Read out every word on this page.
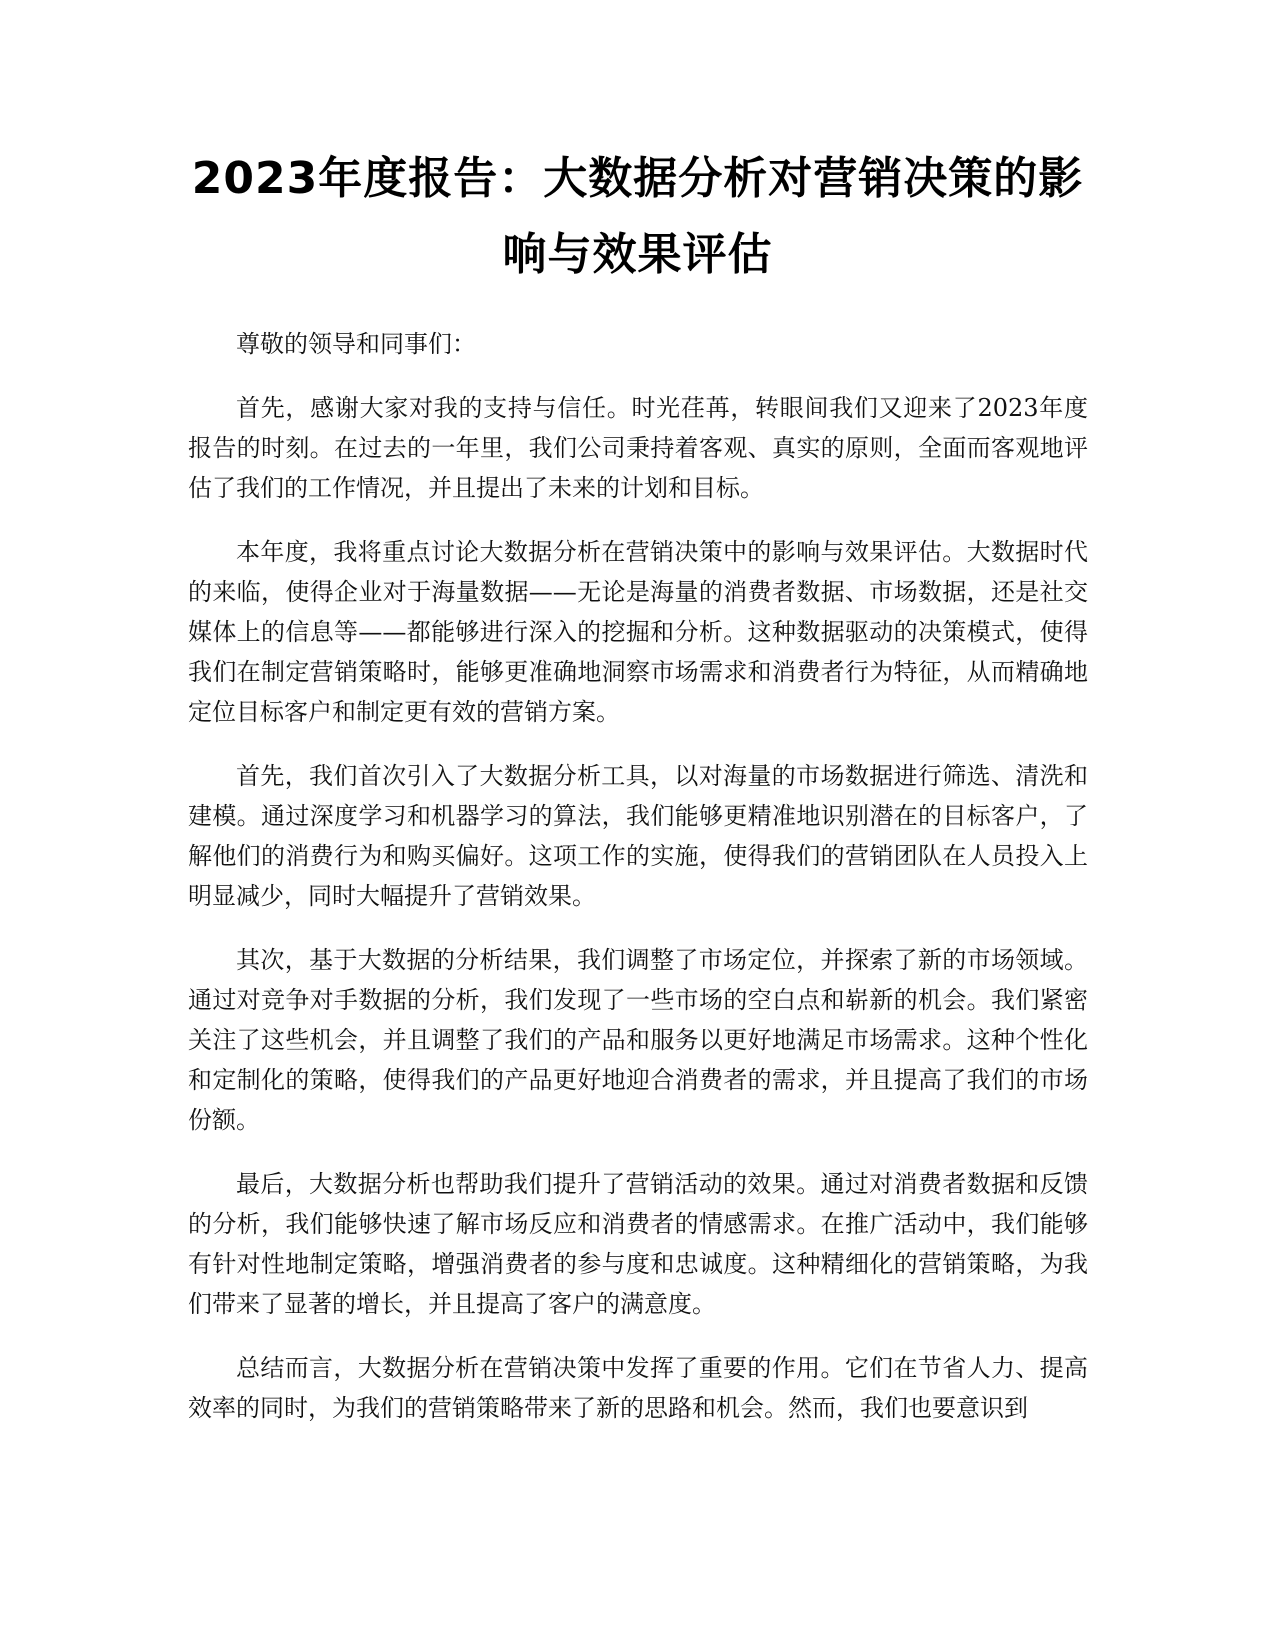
2023年度报告：大数据分析对营销决策的影响与效果评估

尊敬的领导和同事们：

首先，感谢大家对我的支持与信任。时光荏苒，转眼间我们又迎来了2023年度报告的时刻。在过去的一年里，我们公司秉持着客观、真实的原则，全面而客观地评估了我们的工作情况，并且提出了未来的计划和目标。

本年度，我将重点讨论大数据分析在营销决策中的影响与效果评估。大数据时代的来临，使得企业对于海量数据——无论是海量的消费者数据、市场数据，还是社交媒体上的信息等——都能够进行深入的挖掘和分析。这种数据驱动的决策模式，使得我们在制定营销策略时，能够更准确地洞察市场需求和消费者行为特征，从而精确地定位目标客户和制定更有效的营销方案。

首先，我们首次引入了大数据分析工具，以对海量的市场数据进行筛选、清洗和建模。通过深度学习和机器学习的算法，我们能够更精准地识别潜在的目标客户，了解他们的消费行为和购买偏好。这项工作的实施，使得我们的营销团队在人员投入上明显减少，同时大幅提升了营销效果。

其次，基于大数据的分析结果，我们调整了市场定位，并探索了新的市场领域。通过对竞争对手数据的分析，我们发现了一些市场的空白点和崭新的机会。我们紧密关注了这些机会，并且调整了我们的产品和服务以更好地满足市场需求。这种个性化和定制化的策略，使得我们的产品更好地迎合消费者的需求，并且提高了我们的市场份额。

最后，大数据分析也帮助我们提升了营销活动的效果。通过对消费者数据和反馈的分析，我们能够快速了解市场反应和消费者的情感需求。在推广活动中，我们能够有针对性地制定策略，增强消费者的参与度和忠诚度。这种精细化的营销策略，为我们带来了显著的增长，并且提高了客户的满意度。

总结而言，大数据分析在营销决策中发挥了重要的作用。它们在节省人力、提高效率的同时，为我们的营销策略带来了新的思路和机会。然而，我们也要意识到
